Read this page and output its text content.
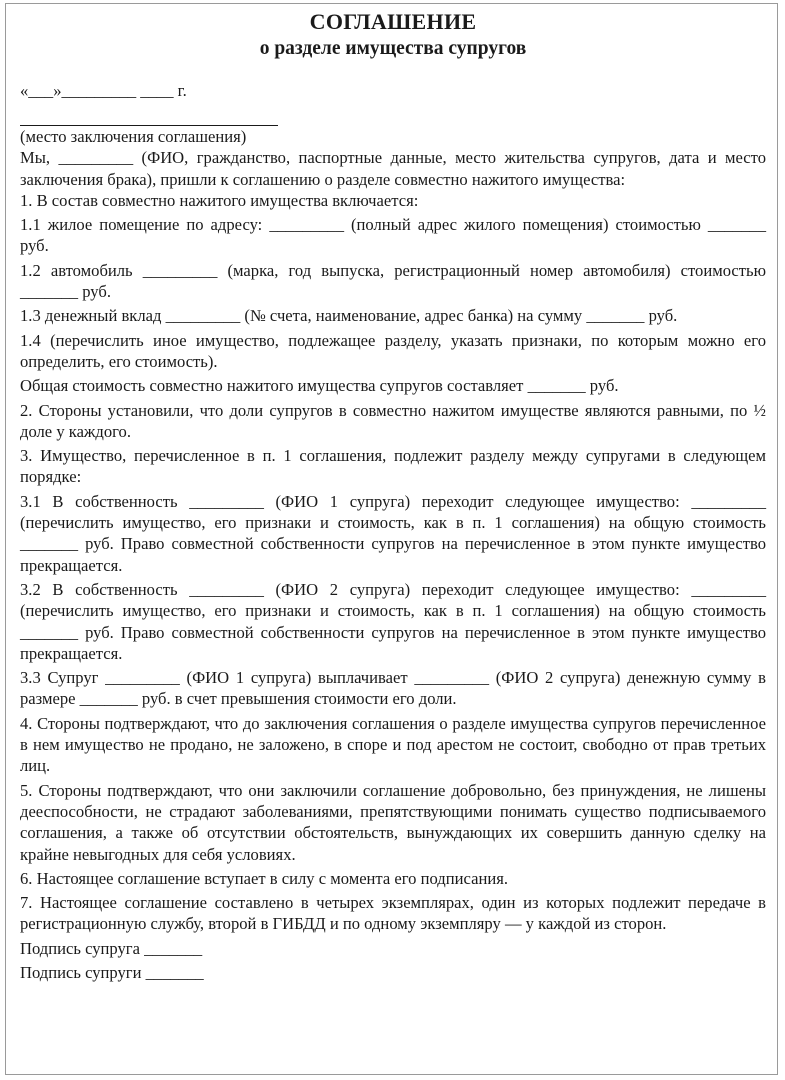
СОГЛАШЕНИЕ
о разделе имущества супругов
«___»_________ ____ г.
(место заключения соглашения)
Мы, _________ (ФИО, гражданство, паспортные данные, место жительства супругов, дата и место заключения брака), пришли к соглашению о разделе совместно нажитого имущества:
1. В состав совместно нажитого имущества включается:
1.1 жилое помещение по адресу: _________ (полный адрес жилого помещения) стоимостью _______ руб.
1.2 автомобиль _________ (марка, год выпуска, регистрационный номер автомобиля) стоимостью _______ руб.
1.3 денежный вклад _________ (№ счета, наименование, адрес банка) на сумму _______ руб.
1.4 (перечислить иное имущество, подлежащее разделу, указать признаки, по которым можно его определить, его стоимость).
Общая стоимость совместно нажитого имущества супругов составляет _______ руб.
2. Стороны установили, что доли супругов в совместно нажитом имуществе являются равными, по ½ доле у каждого.
3. Имущество, перечисленное в п. 1 соглашения, подлежит разделу между супругами в следующем порядке:
3.1 В собственность _________ (ФИО 1 супруга) переходит следующее имущество: _________ (перечислить имущество, его признаки и стоимость, как в п. 1 соглашения) на общую стоимость _______ руб. Право совместной собственности супругов на перечисленное в этом пункте имущество прекращается.
3.2 В собственность _________ (ФИО 2 супруга) переходит следующее имущество: _________ (перечислить имущество, его признаки и стоимость, как в п. 1 соглашения) на общую стоимость _______ руб. Право совместной собственности супругов на перечисленное в этом пункте имущество прекращается.
3.3 Супруг _________ (ФИО 1 супруга) выплачивает _________ (ФИО 2 супруга) денежную сумму в размере _______ руб. в счет превышения стоимости его доли.
4. Стороны подтверждают, что до заключения соглашения о разделе имущества супругов перечисленное в нем имущество не продано, не заложено, в споре и под арестом не состоит, свободно от прав третьих лиц.
5. Стороны подтверждают, что они заключили соглашение добровольно, без принуждения, не лишены дееспособности, не страдают заболеваниями, препятствующими понимать существо подписываемого соглашения, а также об отсутствии обстоятельств, вынуждающих их совершить данную сделку на крайне невыгодных для себя условиях.
6. Настоящее соглашение вступает в силу с момента его подписания.
7. Настоящее соглашение составлено в четырех экземплярах, один из которых подлежит передаче в регистрационную службу, второй в ГИБДД и по одному экземпляру — у каждой из сторон.
Подпись супруга _______
Подпись супруги _______
